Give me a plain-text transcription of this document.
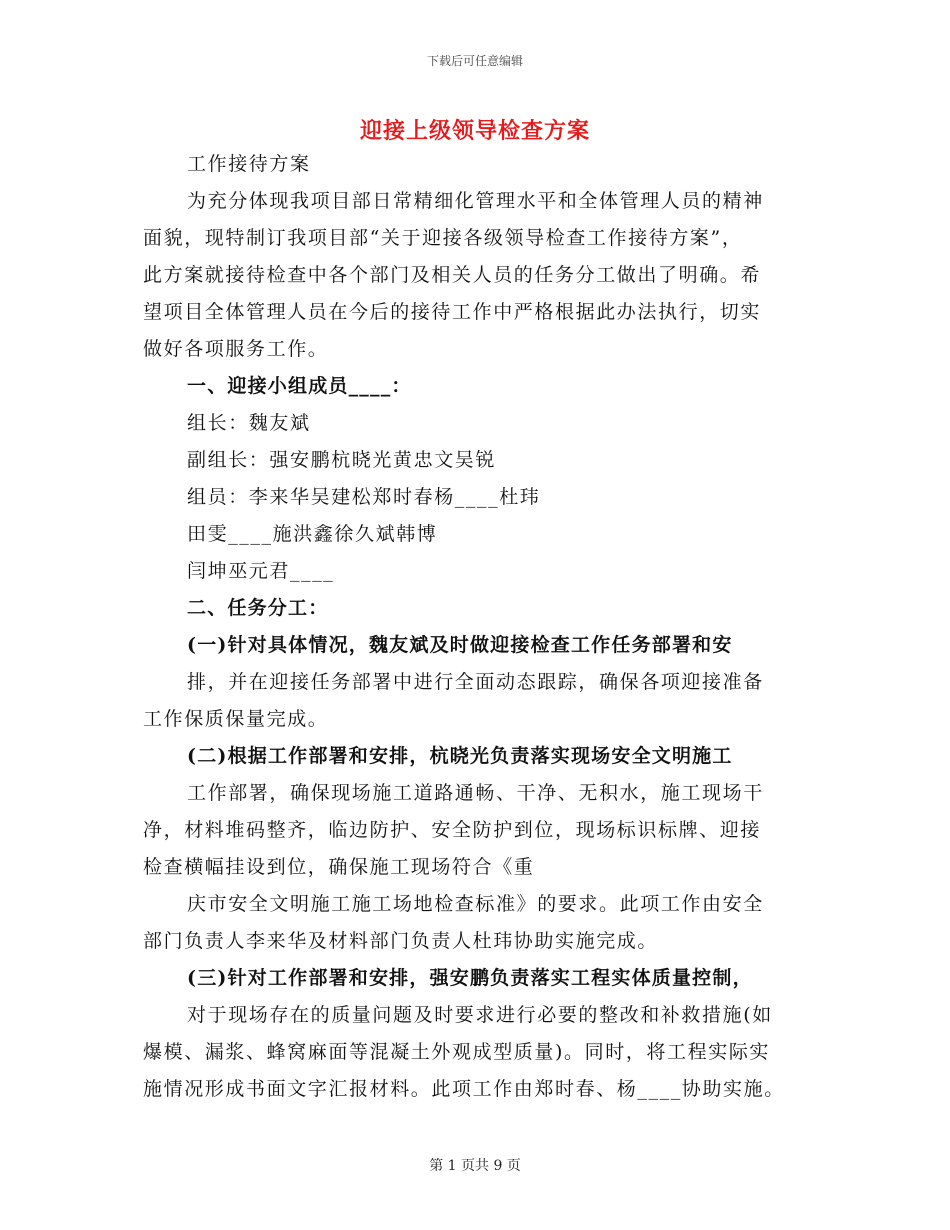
下载后可任意编辑
迎接上级领导检查方案
工作接待方案
为充分体现我项目部日常精细化管理水平和全体管理人员的精神
面貌，现特制订我项目部“关于迎接各级领导检查工作接待方案”，
此方案就接待检查中各个部门及相关人员的任务分工做出了明确。希
望项目全体管理人员在今后的接待工作中严格根据此办法执行，切实
做好各项服务工作。
一、迎接小组成员____：
组长：魏友斌
副组长：强安鹏杭晓光黄忠文吴锐
组员：李来华吴建松郑时春杨____杜玮
田雯____施洪鑫徐久斌韩博
闫坤巫元君____
二、任务分工：
(一)针对具体情况，魏友斌及时做迎接检查工作任务部署和安
排，并在迎接任务部署中进行全面动态跟踪，确保各项迎接准备
工作保质保量完成。
(二)根据工作部署和安排，杭晓光负责落实现场安全文明施工
工作部署，确保现场施工道路通畅、干净、无积水，施工现场干
净，材料堆码整齐，临边防护、安全防护到位，现场标识标牌、迎接
检查横幅挂设到位，确保施工现场符合《重
庆市安全文明施工施工场地检查标准》的要求。此项工作由安全
部门负责人李来华及材料部门负责人杜玮协助实施完成。
(三)针对工作部署和安排，强安鹏负责落实工程实体质量控制，
对于现场存在的质量问题及时要求进行必要的整改和补救措施(如
爆模、漏浆、蜂窝麻面等混凝土外观成型质量)。同时，将工程实际实
施情况形成书面文字汇报材料。此项工作由郑时春、杨____协助实施。
第 1 页共 9 页
